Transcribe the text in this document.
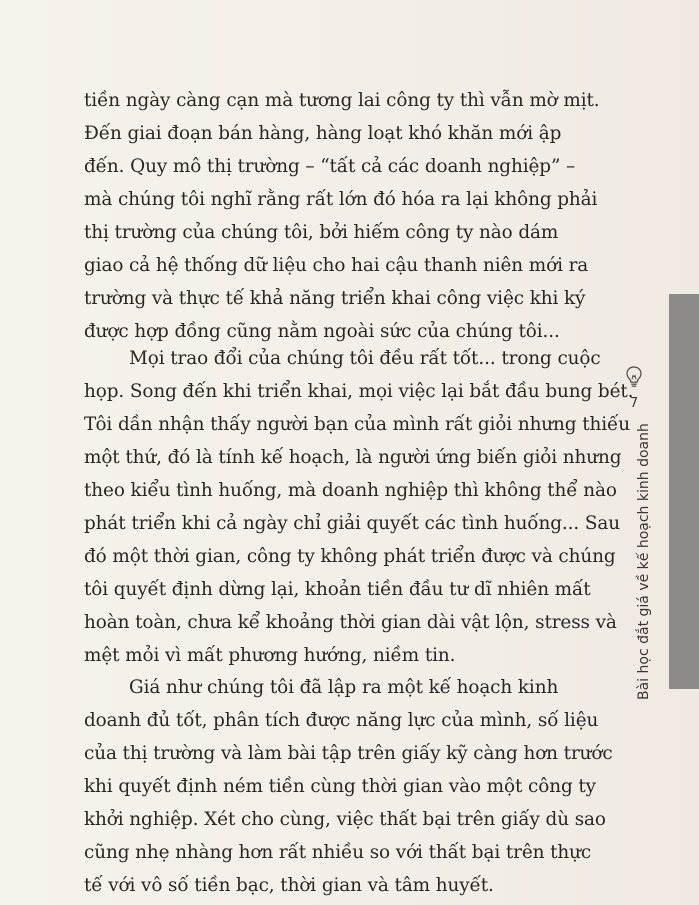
tiền ngày càng cạn mà tương lai công ty thì vẫn mờ mịt.
Đến giai đoạn bán hàng, hàng loạt khó khăn mới ập
đến. Quy mô thị trường – “tất cả các doanh nghiệp” –
mà chúng tôi nghĩ rằng rất lớn đó hóa ra lại không phải
thị trường của chúng tôi, bởi hiếm công ty nào dám
giao cả hệ thống dữ liệu cho hai cậu thanh niên mới ra
trường và thực tế khả năng triển khai công việc khi ký
được hợp đồng cũng nằm ngoài sức của chúng tôi...
Mọi trao đổi của chúng tôi đều rất tốt... trong cuộc
họp. Song đến khi triển khai, mọi việc lại bắt đầu bung bét.
Tôi dần nhận thấy người bạn của mình rất giỏi nhưng thiếu
một thứ, đó là tính kế hoạch, là người ứng biến giỏi nhưng
theo kiểu tình huống, mà doanh nghiệp thì không thể nào
phát triển khi cả ngày chỉ giải quyết các tình huống... Sau
đó một thời gian, công ty không phát triển được và chúng
tôi quyết định dừng lại, khoản tiền đầu tư dĩ nhiên mất
hoàn toàn, chưa kể khoảng thời gian dài vật lộn, stress và
mệt mỏi vì mất phương hướng, niềm tin.
Giá như chúng tôi đã lập ra một kế hoạch kinh
doanh đủ tốt, phân tích được năng lực của mình, số liệu
của thị trường và làm bài tập trên giấy kỹ càng hơn trước
khi quyết định ném tiền cùng thời gian vào một công ty
khởi nghiệp. Xét cho cùng, việc thất bại trên giấy dù sao
cũng nhẹ nhàng hơn rất nhiều so với thất bại trên thực
tế với vô số tiền bạc, thời gian và tâm huyết.
7
Bài học đắt giá về kế hoạch kinh doanh
